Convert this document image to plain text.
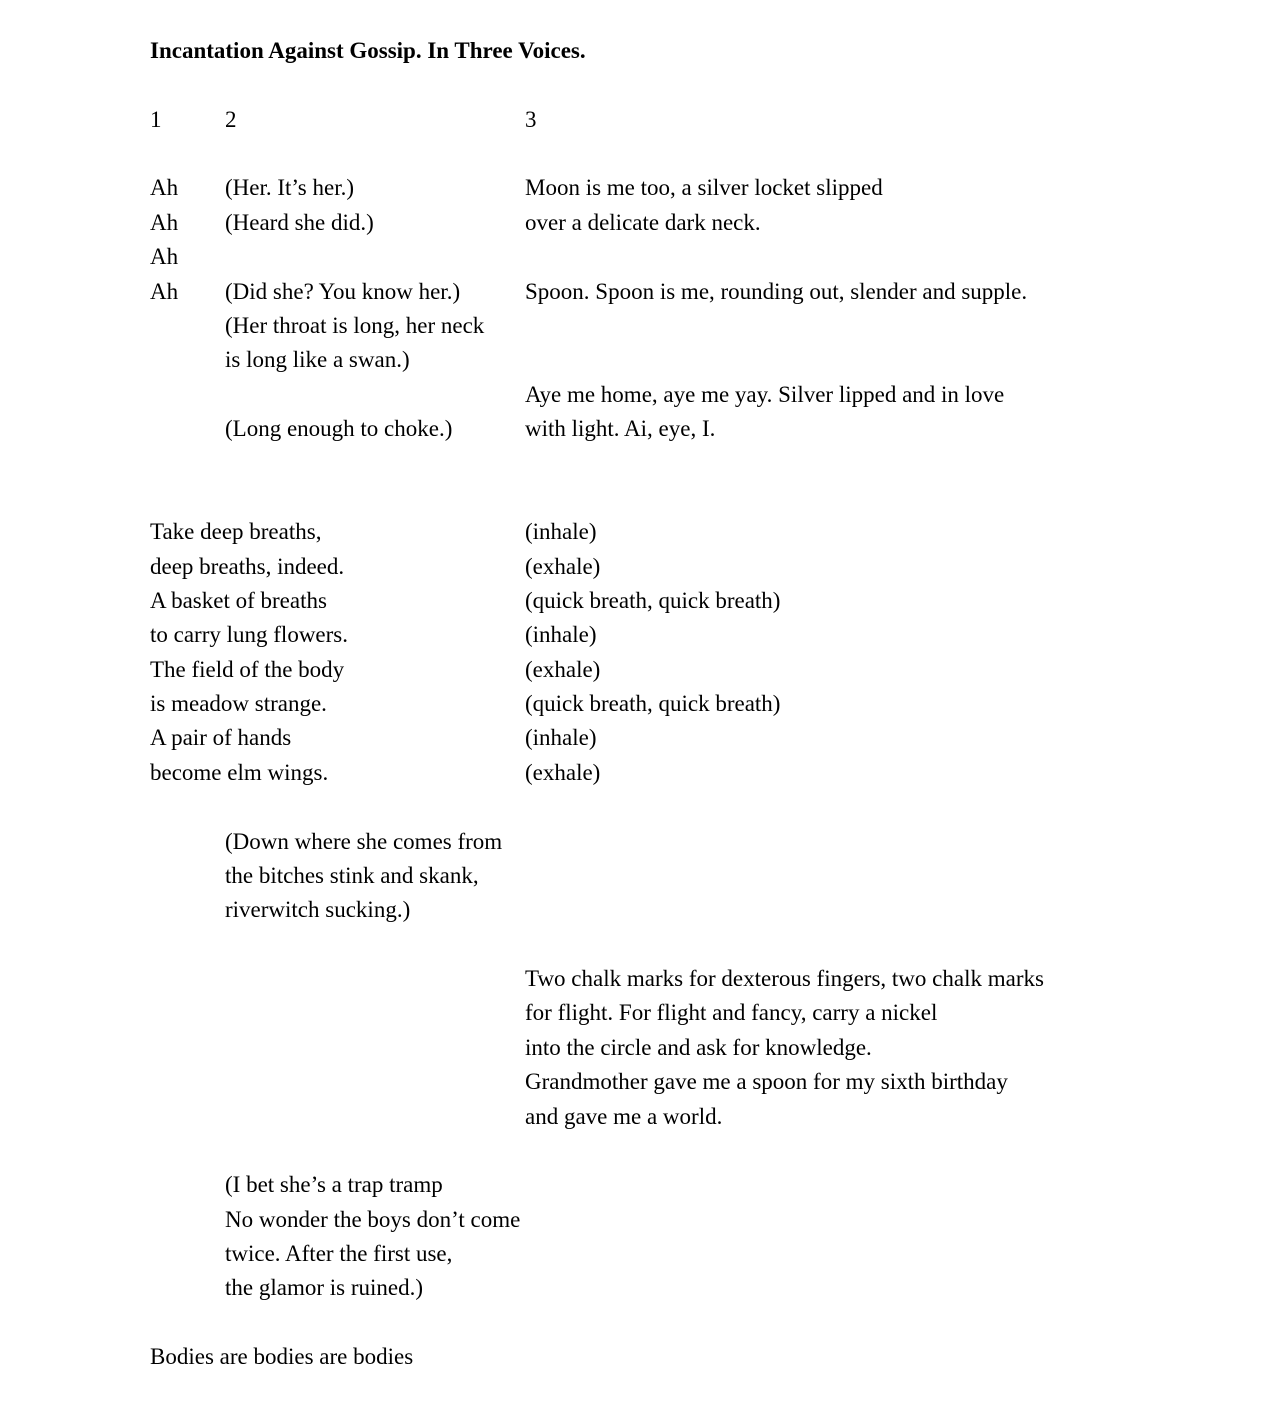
Incantation Against Gossip. In Three Voices.
1	2	3
Ah
Ah
Ah
Ah
(Her. It’s her.)
(Heard she did.)
(Did she? You know her.)
(Her throat is long, her neck
is long like a swan.)
(Long enough to choke.)
Moon is me too, a silver locket slipped
over a delicate dark neck.
Spoon. Spoon is me, rounding out, slender and supple.
Aye me home, aye me yay. Silver lipped and in love
with light. Ai, eye, I.
Take deep breaths,
deep breaths, indeed.
A basket of breaths
to carry lung flowers.
The field of the body
is meadow strange.
A pair of hands
become elm wings.
(inhale)
(exhale)
(quick breath, quick breath)
(inhale)
(exhale)
(quick breath, quick breath)
(inhale)
(exhale)
(Down where she comes from
the bitches stink and skank,
riverwitch sucking.)
Two chalk marks for dexterous fingers, two chalk marks
for flight. For flight and fancy, carry a nickel
into the circle and ask for knowledge.
Grandmother gave me a spoon for my sixth birthday
and gave me a world.
(I bet she’s a trap tramp
No wonder the boys don’t come
twice. After the first use,
the glamor is ruined.)
Bodies are bodies are bodies
